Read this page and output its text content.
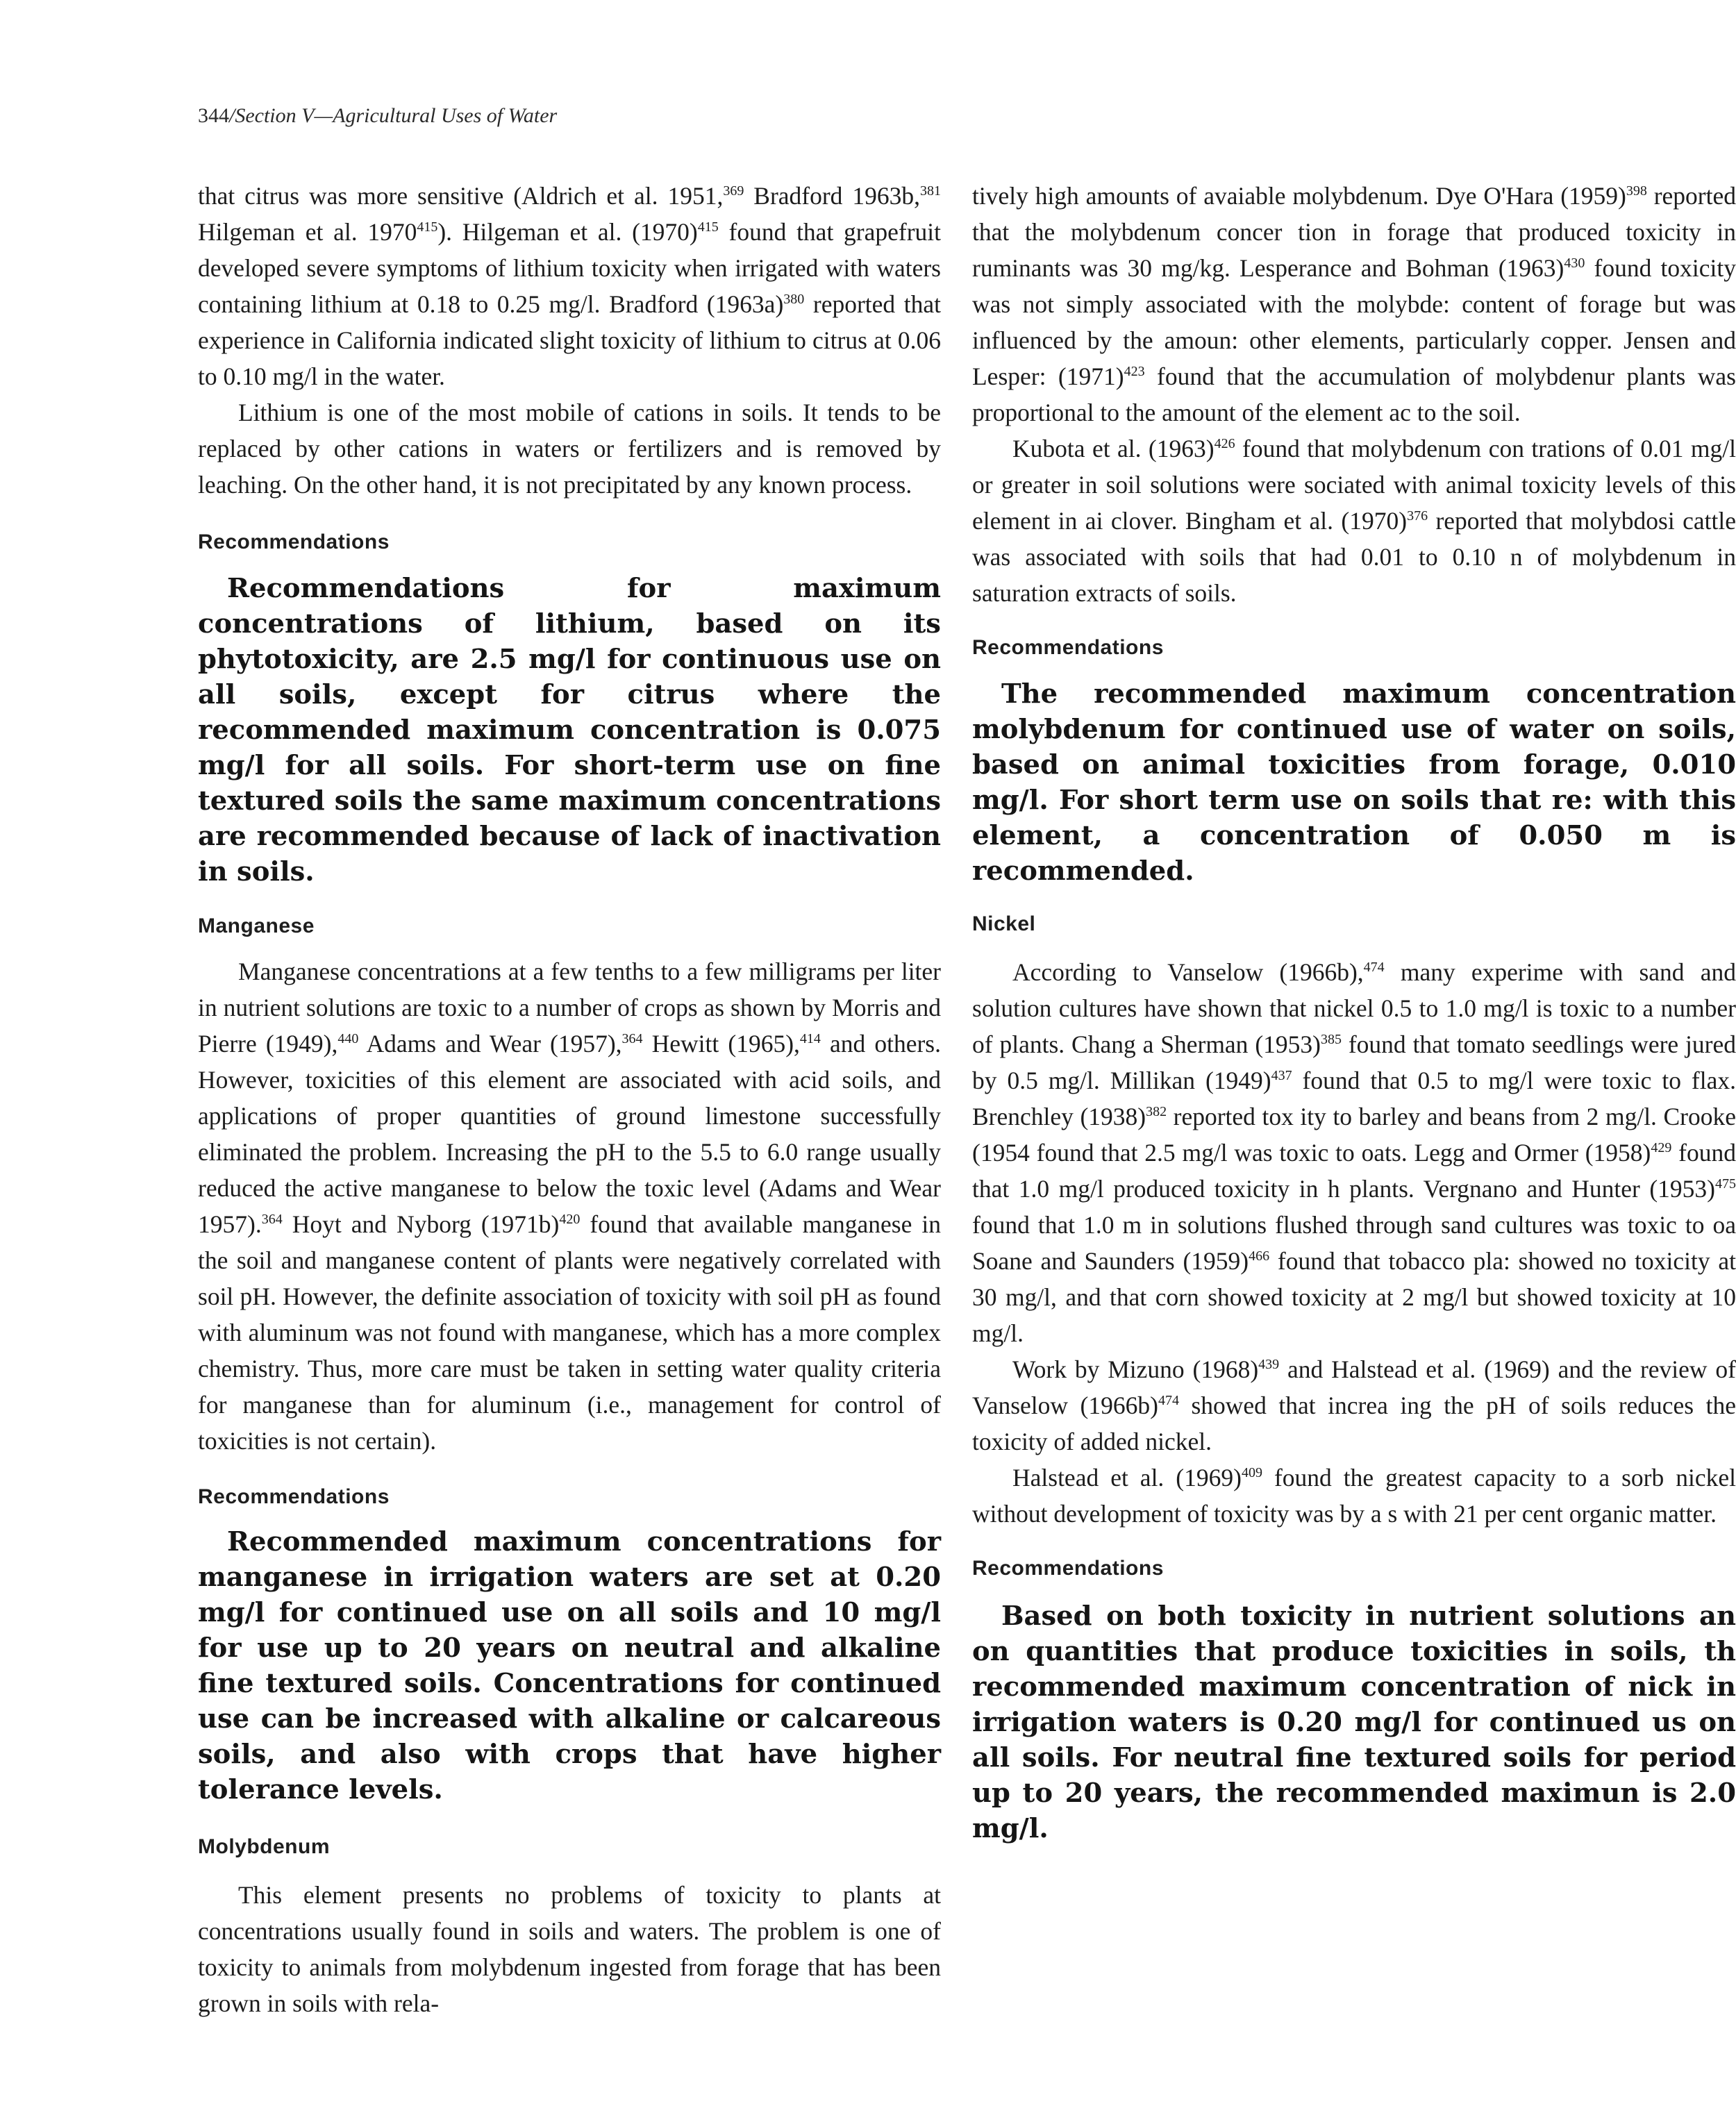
344/Section V—Agricultural Uses of Water

that citrus was more sensitive (Aldrich et al. 1951,$^{369}$ Bradford 1963b,$^{381}$ Hilgeman et al. 1970$^{415}$). Hilgeman et al. $(1970)^{415}$ found that grapefruit developed severe symptoms of lithium toxicity when irrigated with waters containing lithium at 0.18 to 0.25 mg/l. Bradford $(1963a)^{380}$ reported that experience in California indicated slight toxicity of lithium to citrus at 0.06 to 0.10 mg/l in the water.

Lithium is one of the most mobile of cations in soils. It tends to be replaced by other cations in waters or fertilizers and is removed by leaching. On the other hand, it is not precipitated by any known process.

Recommendations

Recommendations for maximum concentrations of lithium, based on its phytotoxicity, are 2.5 mg/l for continuous use on all soils, except for citrus where the recommended maximum concentration is 0.075 mg/l for all soils. For short-term use on fine textured soils the same maximum concentrations are recommended because of lack of inactivation in soils.

Manganese

Manganese concentrations at a few tenths to a few milligrams per liter in nutrient solutions are toxic to a number of crops as shown by Morris and Pierre (1949),$^{440}$ Adams and Wear (1957),$^{364}$ Hewitt (1965),$^{414}$ and others. However, toxicities of this element are associated with acid soils, and applications of proper quantities of ground limestone successfully eliminated the problem. Increasing the pH to the 5.5 to 6.0 range usually reduced the active manganese to below the toxic level (Adams and Wear 1957).$^{364}$ Hoyt and Nyborg $(1971b)^{420}$ found that available manganese in the soil and manganese content of plants were negatively correlated with soil pH. However, the definite association of toxicity with soil pH as found with aluminum was not found with manganese, which has a more complex chemistry. Thus, more care must be taken in setting water quality criteria for manganese than for aluminum (i.e., management for control of toxicities is not certain).

Recommendations

Recommended maximum concentrations for manganese in irrigation waters are set at 0.20 mg/l for continued use on all soils and 10 mg/l for use up to 20 years on neutral and alkaline fine textured soils. Concentrations for continued use can be increased with alkaline or calcareous soils, and also with crops that have higher tolerance levels.

Molybdenum

This element presents no problems of toxicity to plants at concentrations usually found in soils and waters. The problem is one of toxicity to animals from molybdenum ingested from forage that has been grown in soils with rela-

tively high amounts of avaiable molybdenum. Dye O'Hara $(1959)^{398}$ reported that the molybdenum concer tion in forage that produced toxicity in ruminants was 30 mg/kg. Lesperance and Bohman $(1963)^{430}$ found toxicity was not simply associated with the molybde: content of forage but was influenced by the amoun: other elements, particularly copper. Jensen and Lesper: $(1971)^{423}$ found that the accumulation of molybdenur plants was proportional to the amount of the element ac to the soil.

Kubota et al. $(1963)^{426}$ found that molybdenum con trations of 0.01 mg/l or greater in soil solutions were sociated with animal toxicity levels of this element in ai clover. Bingham et al. $(1970)^{376}$ reported that molybdosi cattle was associated with soils that had 0.01 to 0.10 n of molybdenum in saturation extracts of soils.

Recommendations

The recommended maximum concentration molybdenum for continued use of water on soils, based on animal toxicities from forage, 0.010 mg/l. For short term use on soils that re: with this element, a concentration of 0.050 m is recommended.

Nickel

According to Vanselow (1966b),$^{474}$ many experime with sand and solution cultures have shown that nickel 0.5 to 1.0 mg/l is toxic to a number of plants. Chang a Sherman $(1953)^{385}$ found that tomato seedlings were jured by 0.5 mg/l. Millikan $(1949)^{437}$ found that 0.5 to mg/l were toxic to flax. Brenchley $(1938)^{382}$ reported tox ity to barley and beans from 2 mg/l. Crooke (1954 found that 2.5 mg/l was toxic to oats. Legg and Ormer $(1958)^{429}$ found that 1.0 mg/l produced toxicity in h plants. Vergnano and Hunter $(1953)^{475}$ found that 1.0 m in solutions flushed through sand cultures was toxic to oa Soane and Saunders $(1959)^{466}$ found that tobacco pla: showed no toxicity at 30 mg/l, and that corn showed toxicity at 2 mg/l but showed toxicity at 10 mg/l.

Work by Mizuno $(1968)^{439}$ and Halstead et al. (1969) and the review of Vanselow $(1966b)^{474}$ showed that increa ing the pH of soils reduces the toxicity of added nickel.

Halstead et al. $(1969)^{409}$ found the greatest capacity to a sorb nickel without development of toxicity was by a s with 21 per cent organic matter.

Recommendations

Based on both toxicity in nutrient solutions an on quantities that produce toxicities in soils, th recommended maximum concentration of nick in irrigation waters is 0.20 mg/l for continued us on all soils. For neutral fine textured soils for period up to 20 years, the recommended maximun is 2.0 mg/l.
